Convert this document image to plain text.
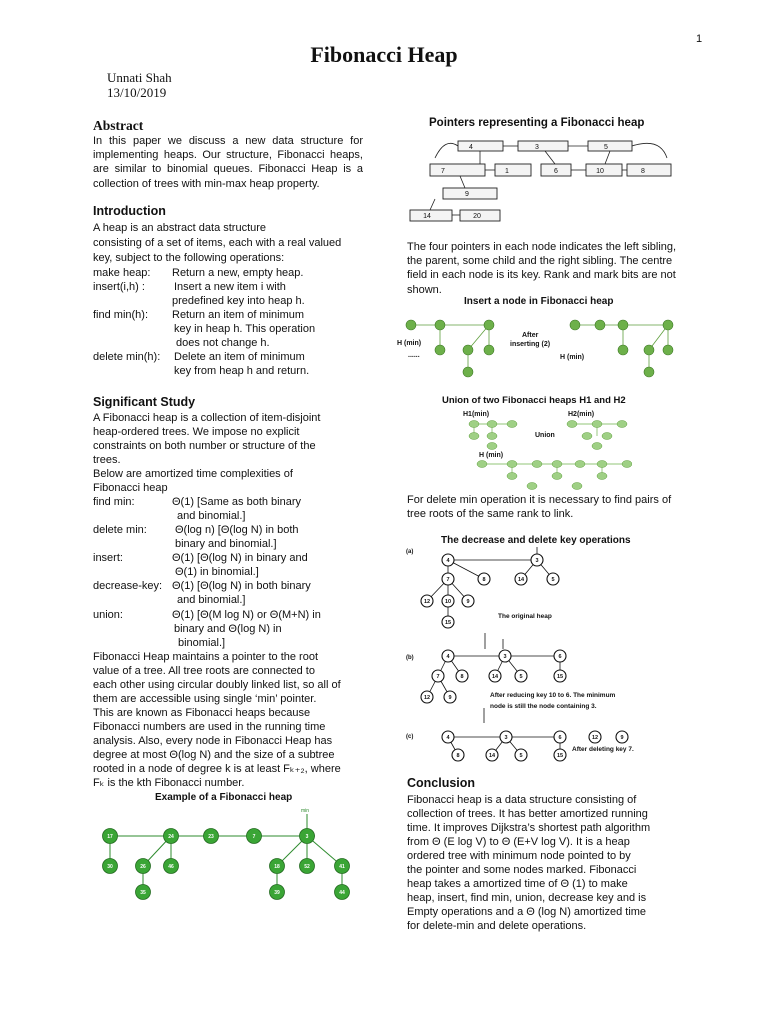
1
Fibonacci Heap
Unnati Shah
13/10/2019
Abstract
In this paper we discuss a new data structure for implementing heaps. Our structure, Fibonacci heaps, are similar to binomial queues. Fibonacci Heap is a collection of trees with min-max heap property.
Introduction
A heap is an abstract data structure
consisting of a set of items, each with a real valued
key, subject to the following operations:
make heap: Return a new, empty heap.
insert(i,h) :	Insert a new item i with
predefined key into heap h.
find min(h): Return an item of minimum
key in heap h. This operation
does not change h.
delete min(h): Delete an item of minimum
key from heap h and return.
Significant Study
A Fibonacci heap is a collection of item-disjoint
heap-ordered trees. We impose no explicit
constraints on both number or structure of the
trees.
Below are amortized time complexities of
Fibonacci heap
find min:	Θ(1) [Same as both binary
and binomial.]
delete min:	Θ(log n) [Θ(log N) in both
binary and binomial.]
insert:	Θ(1) [Θ(log N) in binary and
Θ(1) in binomial.]
decrease-key: Θ(1) [Θ(log N) in both binary
and binomial.]
union:	Θ(1) [Θ(M log N) or Θ(M+N) in
binary and Θ(log N) in
binomial.]
Fibonacci Heap maintains a pointer to the root
value of a tree. All tree roots are connected to
each other using circular doubly linked list, so all of
them are accessible using single ‘min’ pointer.
This are known as Fibonacci heaps because
Fibonacci numbers are used in the running time
analysis. Also, every node in Fibonacci Heap has
degree at most Θ(log N) and the size of a subtree
rooted in a node of degree k is at least Fₖ₊₂, where
Fₖ is the kth Fibonacci number.
Example of a Fibonacci heap
min
17	24	23	7	3
30	26	46
35
18	52	41
39	44
Pointers representing a Fibonacci heap
4	3	5
7	1	6	10	8
9
14	20
The four pointers in each node indicates the left sibling, the parent, some child and the right sibling. The centre field in each node is its key. Rank and mark bits are not shown.
Insert a node in Fibonacci heap
H (min)
......
After
inserting (2)
H (min)
Union of two Fibonacci heaps H1 and H2
H1(min)	H2(min)
Union
H (min)
For delete min operation it is necessary to find pairs of tree roots of the same rank to link.
The decrease and delete key operations
(a)
(b)
(c)
4
7	8
12	10	9
15
3
14	5
4
7	8
12	9
3
14	5
6
15
4
8
3
14	5
6	12	9
15
The original heap
After reducing key 10 to 6. The minimum
node is still the node containing 3.
After deleting key 7.
Conclusion
Fibonacci heap is a data structure consisting of
collection of trees. It has better amortized running
time. It improves Dijkstra’s shortest path algorithm
from Θ (E log V) to Θ (E+V log V). It is a heap
ordered tree with minimum node pointed to by
the pointer and some nodes marked. Fibonacci
heap takes a amortized time of Θ (1) to make
heap, insert, find min, union, decrease key and is
Empty operations and a Θ (log N) amortized time
for delete-min and delete operations.
